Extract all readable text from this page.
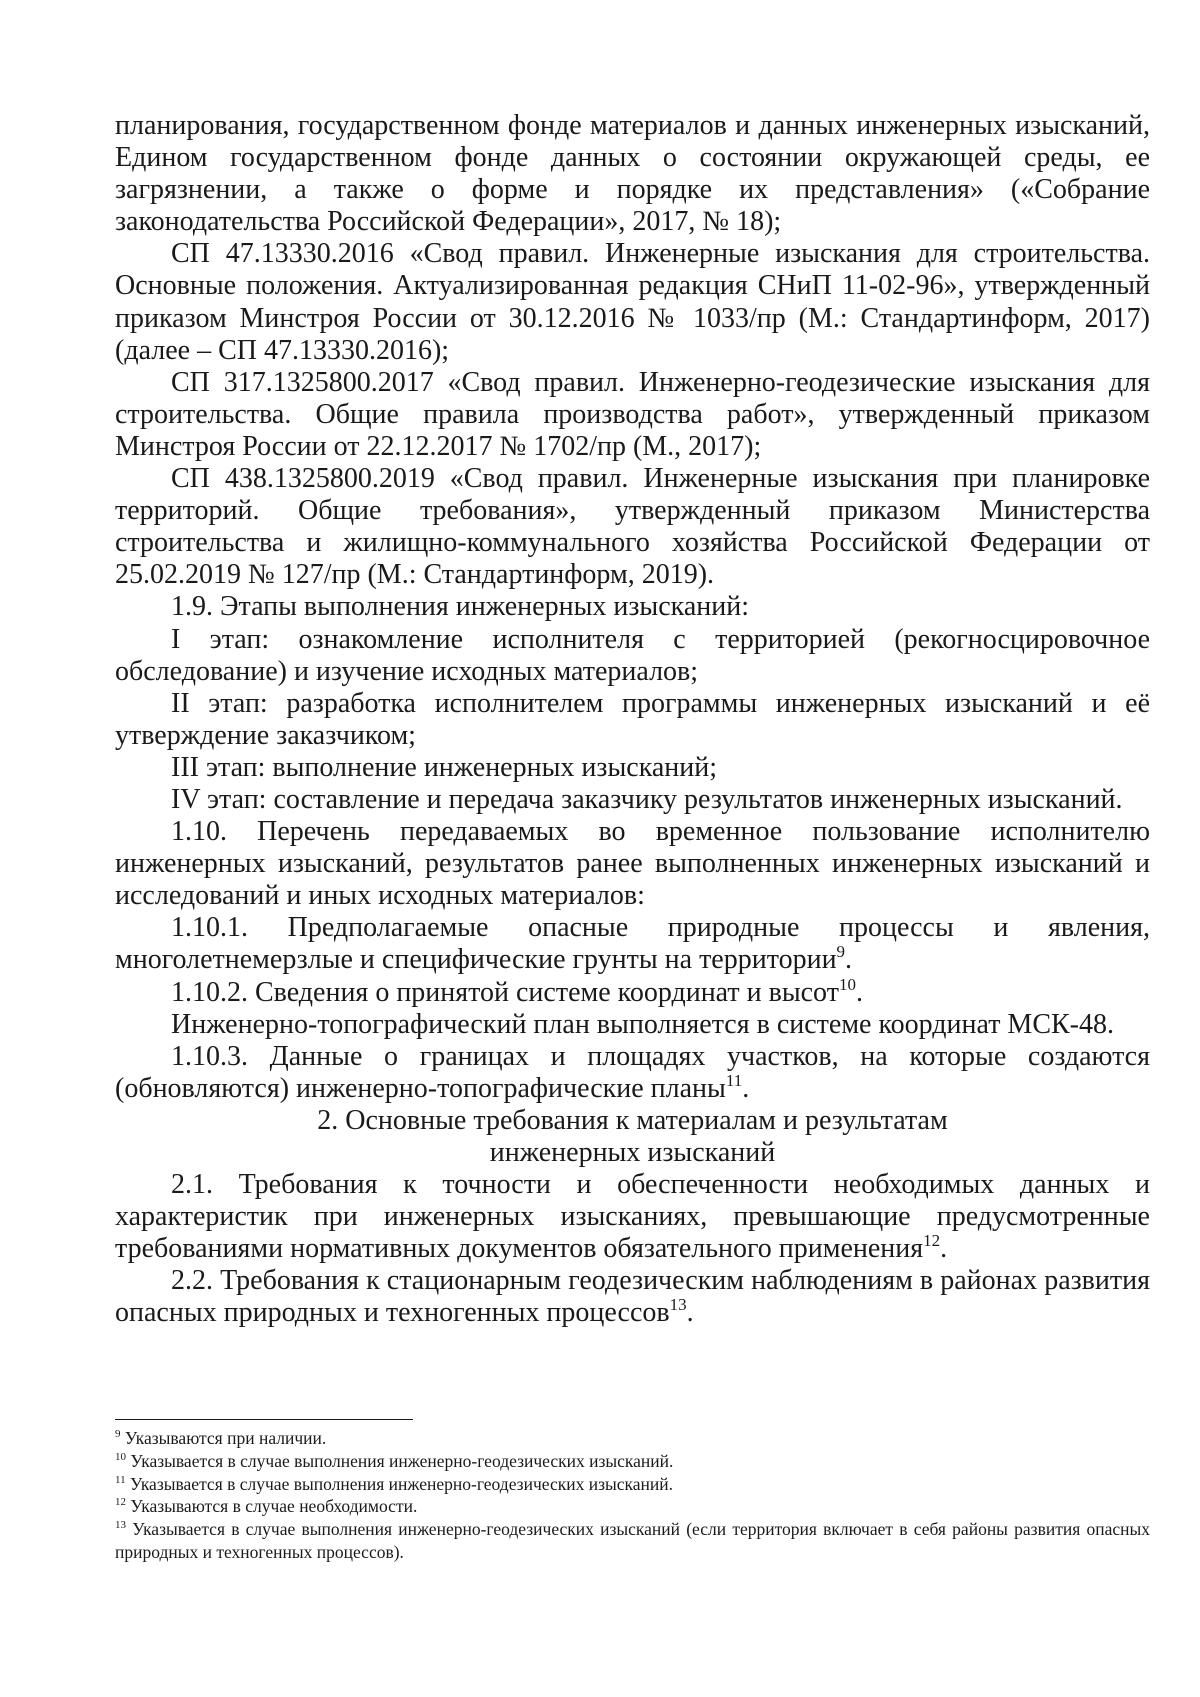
планирования, государственном фонде материалов и данных инженерных изысканий, Едином государственном фонде данных о состоянии окружающей среды, ее загрязнении, а также о форме и порядке их представления» («Собрание законодательства Российской Федерации», 2017, № 18);

СП 47.13330.2016 «Свод правил. Инженерные изыскания для строительства. Основные положения. Актуализированная редакция СНиП 11-02-96», утвержденный приказом Минстроя России от 30.12.2016 № 1033/пр (М.: Стандартинформ, 2017) (далее – СП 47.13330.2016);

СП 317.1325800.2017 «Свод правил. Инженерно-геодезические изыскания для строительства. Общие правила производства работ», утвержденный приказом Минстроя России от 22.12.2017 № 1702/пр (М., 2017);

СП 438.1325800.2019 «Свод правил. Инженерные изыскания при планировке территорий. Общие требования», утвержденный приказом Министерства строительства и жилищно-коммунального хозяйства Российской Федерации от 25.02.2019 № 127/пр (М.: Стандартинформ, 2019).

1.9. Этапы выполнения инженерных изысканий:

I этап: ознакомление исполнителя с территорией (рекогносцировочное обследование) и изучение исходных материалов;

II этап: разработка исполнителем программы инженерных изысканий и её утверждение заказчиком;

III этап: выполнение инженерных изысканий;

IV этап: составление и передача заказчику результатов инженерных изысканий.

1.10. Перечень передаваемых во временное пользование исполнителю инженерных изысканий, результатов ранее выполненных инженерных изысканий и исследований и иных исходных материалов:

1.10.1. Предполагаемые опасные природные процессы и явления, многолетнемерзлые и специфические грунты на территории$^9$.

1.10.2. Сведения о принятой системе координат и высот$^{10}$.

Инженерно-топографический план выполняется в системе координат МСК-48.

1.10.3. Данные о границах и площадях участков, на которые создаются (обновляются) инженерно-топографические планы$^{11}$.

2. Основные требования к материалам и результатам

инженерных изысканий

2.1. Требования к точности и обеспеченности необходимых данных и характеристик при инженерных изысканиях, превышающие предусмотренные требованиями нормативных документов обязательного применения$^{12}$.

2.2. Требования к стационарным геодезическим наблюдениям в районах развития опасных природных и техногенных процессов$^{13}$.

$^9$ Указываются при наличии.

$^{10}$ Указывается в случае выполнения инженерно-геодезических изысканий.

$^{11}$ Указывается в случае выполнения инженерно-геодезических изысканий.

$^{12}$ Указываются в случае необходимости.

$^{13}$ Указывается в случае выполнения инженерно-геодезических изысканий (если территория включает в себя районы развития опасных природных и техногенных процессов).
